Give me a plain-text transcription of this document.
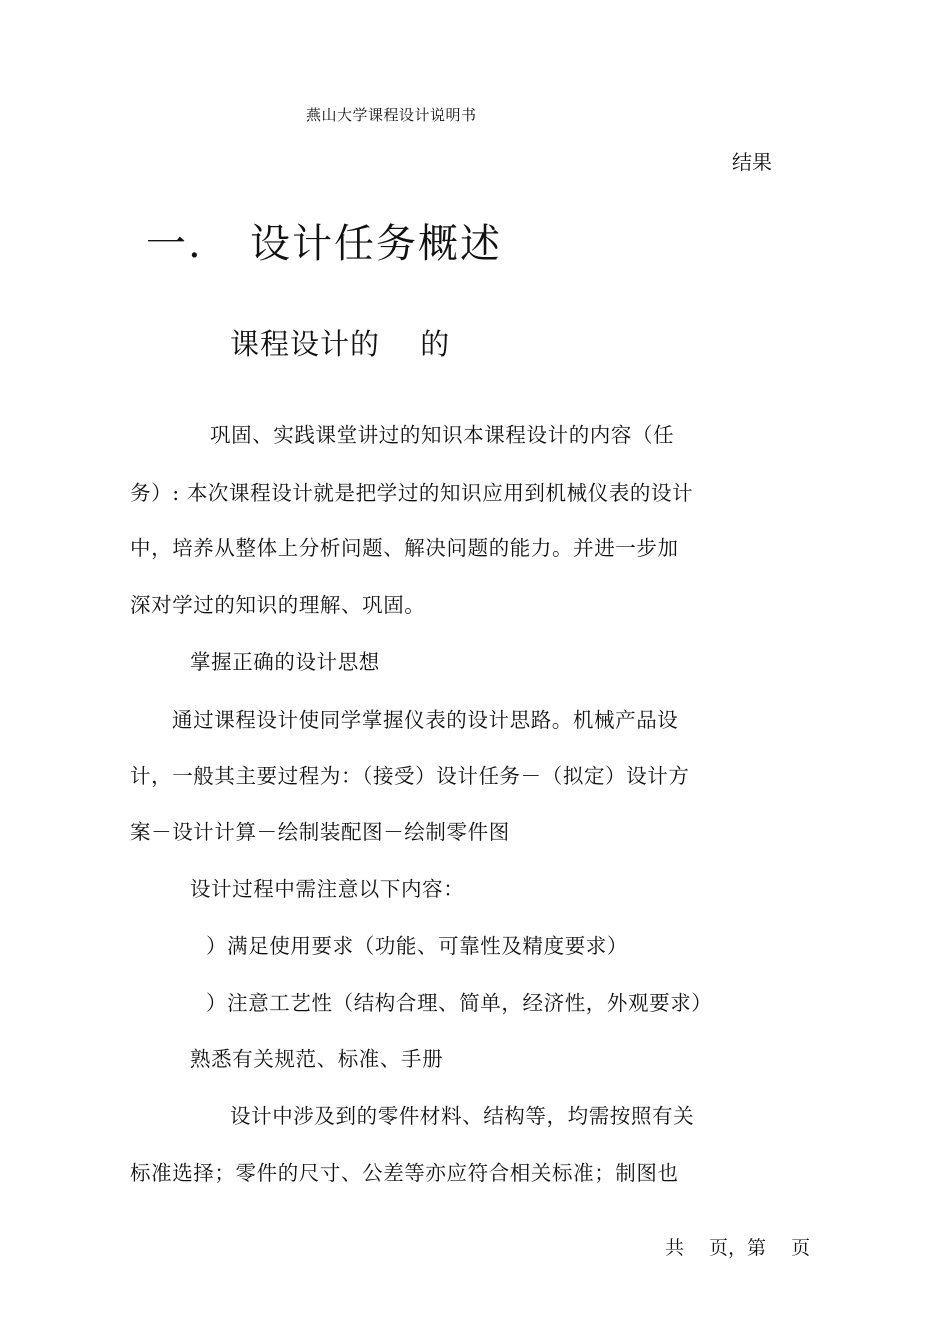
燕山大学课程设计说明书
结果
一. 设计任务概述
课程设计的　 的
巩固、实践课堂讲过的知识本课程设计的内容（任
务）: 本次课程设计就是把学过的知识应用到机械仪表的设计
中，培养从整体上分析问题、解决问题的能力。并进一步加
深对学过的知识的理解、巩固。
掌握正确的设计思想
通过课程设计使同学掌握仪表的设计思路。机械产品设
计，一般其主要过程为：（接受）设计任务－（拟定）设计方
案－设计计算－绘制装配图－绘制零件图
设计过程中需注意以下内容：
）满足使用要求（功能、可靠性及精度要求）
）注意工艺性（结构合理、简单，经济性，外观要求）
熟悉有关规范、标准、手册
设计中涉及到的零件材料、结构等，均需按照有关
标准选择；零件的尺寸、公差等亦应符合相关标准；制图也
共　 页，第　 页
